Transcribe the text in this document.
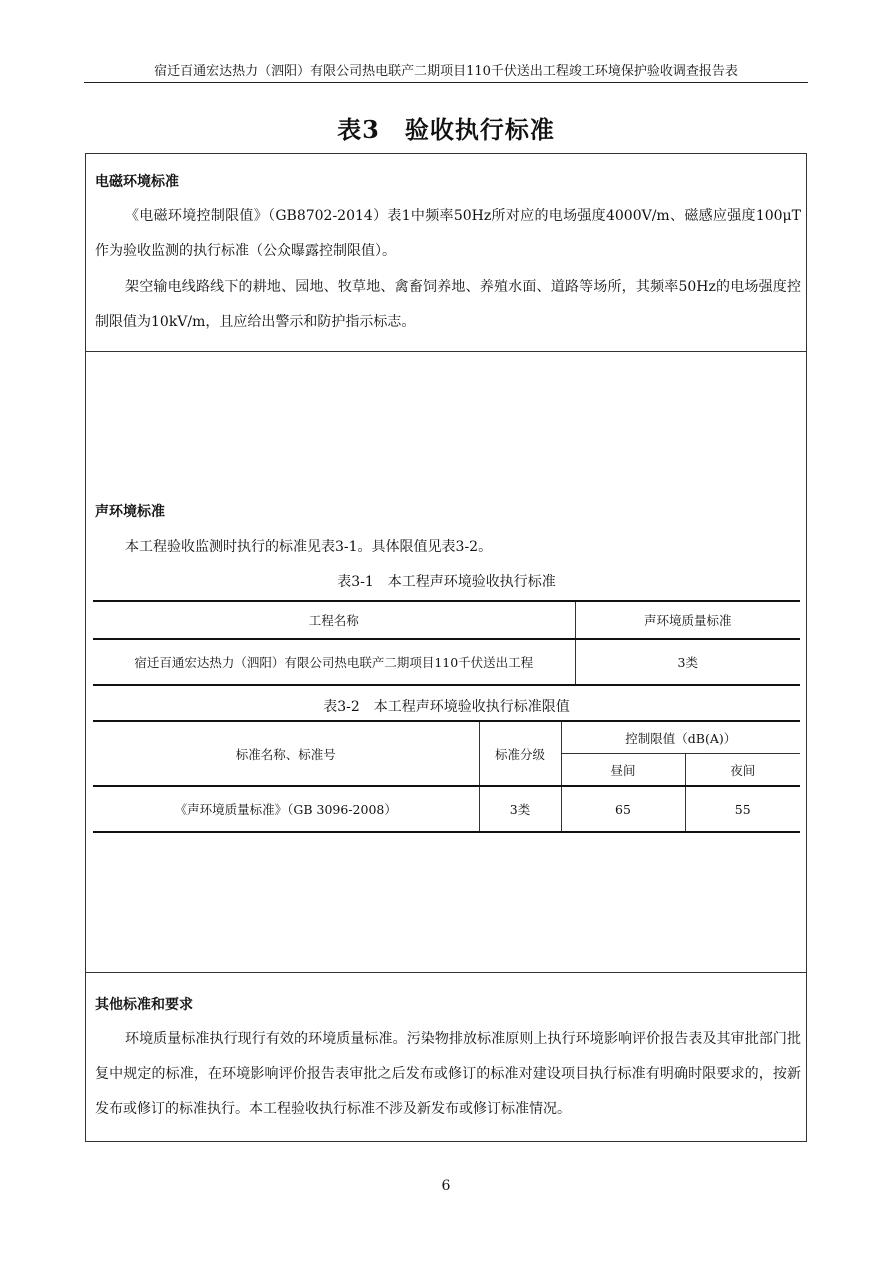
宿迁百通宏达热力（泗阳）有限公司热电联产二期项目110千伏送出工程竣工环境保护验收调查报告表
表3　验收执行标准
电磁环境标准

《电磁环境控制限值》（GB8702-2014）表1中频率50Hz所对应的电场强度4000V/m、磁感应强度100μT作为验收监测的执行标准（公众曝露控制限值）。

架空输电线路线下的耕地、园地、牧草地、禽畜饲养地、养殖水面、道路等场所，其频率50Hz的电场强度控制限值为10kV/m，且应给出警示和防护指示标志。

声环境标准

本工程验收监测时执行的标准见表3-1。具体限值见表3-2。

表3-1　本工程声环境验收执行标准
工程名称	声环境质量标准
宿迁百通宏达热力（泗阳）有限公司热电联产二期项目110千伏送出工程	3类
表3-2　本工程声环境验收执行标准限值
标准名称、标准号	标准分级	控制限值（dB(A)）	
		昼间	夜间
《声环境质量标准》（GB 3096-2008）	3类	65	55
其他标准和要求

环境质量标准执行现行有效的环境质量标准。污染物排放标准原则上执行环境影响评价报告表及其审批部门批复中规定的标准，在环境影响评价报告表审批之后发布或修订的标准对建设项目执行标准有明确时限要求的，按新发布或修订的标准执行。本工程验收执行标准不涉及新发布或修订标准情况。

6
